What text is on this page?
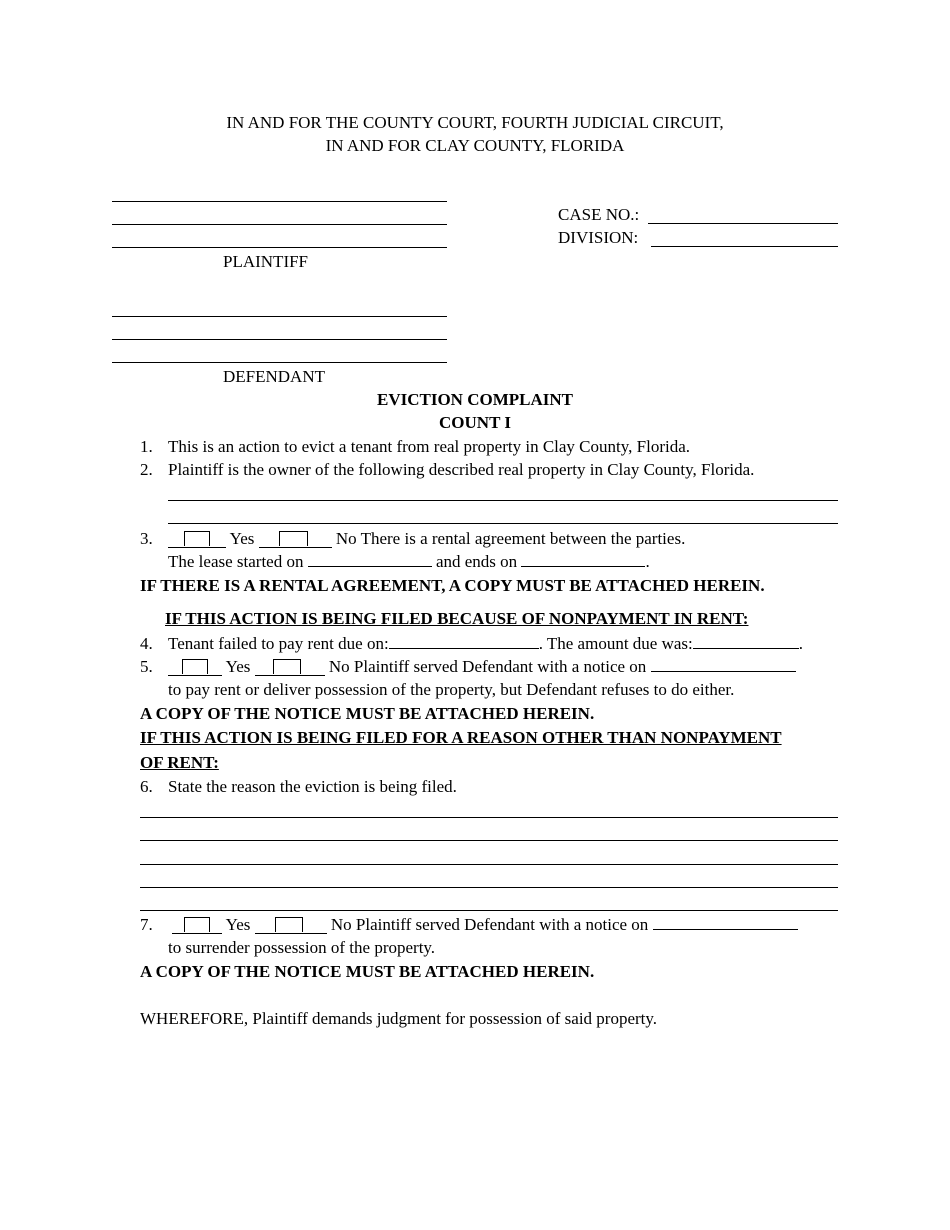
IN AND FOR THE COUNTY COURT, FOURTH JUDICIAL CIRCUIT,
IN AND FOR CLAY COUNTY, FLORIDA
PLAINTIFF
CASE NO.:
DIVISION:
DEFENDANT
EVICTION COMPLAINT
COUNT I
1. This is an action to evict a tenant from real property in Clay County, Florida.
2. Plaintiff is the owner of the following described real property in Clay County, Florida.
3.	Yes	No There is a rental agreement between the parties.
The lease started on	and ends on	.
IF THERE IS A RENTAL AGREEMENT, A COPY MUST BE ATTACHED HEREIN.
IF THIS ACTION IS BEING FILED BECAUSE OF NONPAYMENT IN RENT:
4. Tenant failed to pay rent due on:	. The amount due was:	.
5.	Yes	No Plaintiff served Defendant with a notice on
to pay rent or deliver possession of the property, but Defendant refuses to do either.
A COPY OF THE NOTICE MUST BE ATTACHED HEREIN.
IF THIS ACTION IS BEING FILED FOR A REASON OTHER THAN NONPAYMENT
OF RENT:
6. State the reason the eviction is being filed.
7.	Yes	No Plaintiff served Defendant with a notice on
to surrender possession of the property.
A COPY OF THE NOTICE MUST BE ATTACHED HEREIN.
WHEREFORE, Plaintiff demands judgment for possession of said property.
